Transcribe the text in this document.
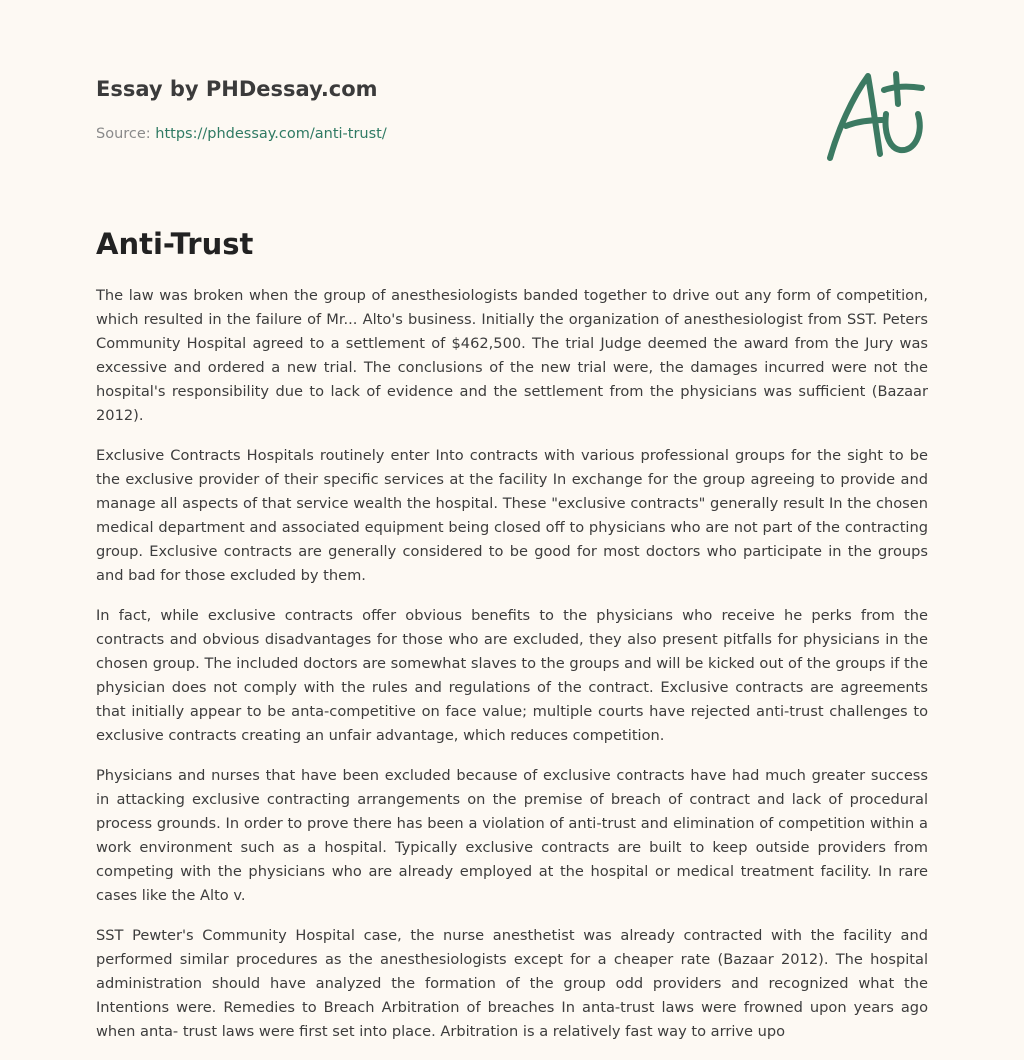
Essay by PHDessay.com
Source: https://phdessay.com/anti-trust/
Anti-Trust

The law was broken when the group of anesthesiologists banded together to drive out any form of competition, which resulted in the failure of Mr... Alto's business. Initially the organization of anesthesiologist from SST. Peters Community Hospital agreed to a settlement of $462,500. The trial Judge deemed the award from the Jury was excessive and ordered a new trial. The conclusions of the new trial were, the damages incurred were not the hospital's responsibility due to lack of evidence and the settlement from the physicians was sufficient (Bazaar 2012).

Exclusive Contracts Hospitals routinely enter Into contracts with various professional groups for the sight to be the exclusive provider of their specific services at the facility In exchange for the group agreeing to provide and manage all aspects of that service wealth the hospital. These "exclusive contracts" generally result In the chosen medical department and associated equipment being closed off to physicians who are not part of the contracting group. Exclusive contracts are generally considered to be good for most doctors who participate in the groups and bad for those excluded by them.

In fact, while exclusive contracts offer obvious benefits to the physicians who receive he perks from the contracts and obvious disadvantages for those who are excluded, they also present pitfalls for physicians in the chosen group. The included doctors are somewhat slaves to the groups and will be kicked out of the groups if the physician does not comply with the rules and regulations of the contract. Exclusive contracts are agreements that initially appear to be anta-competitive on face value; multiple courts have rejected anti-trust challenges to exclusive contracts creating an unfair advantage, which reduces competition.

Physicians and nurses that have been excluded because of exclusive contracts have had much greater success in attacking exclusive contracting arrangements on the premise of breach of contract and lack of procedural process grounds. In order to prove there has been a violation of anti-trust and elimination of competition within a work environment such as a hospital. Typically exclusive contracts are built to keep outside providers from competing with the physicians who are already employed at the hospital or medical treatment facility. In rare cases like the Alto v.

SST Pewter's Community Hospital case, the nurse anesthetist was already contracted with the facility and performed similar procedures as the anesthesiologists except for a cheaper rate (Bazaar 2012). The hospital administration should have analyzed the formation of the group odd providers and recognized what the Intentions were. Remedies to Breach Arbitration of breaches In anta-trust laws were frowned upon years ago when anta- trust laws were first set into place. Arbitration is a relatively fast way to arrive upo
